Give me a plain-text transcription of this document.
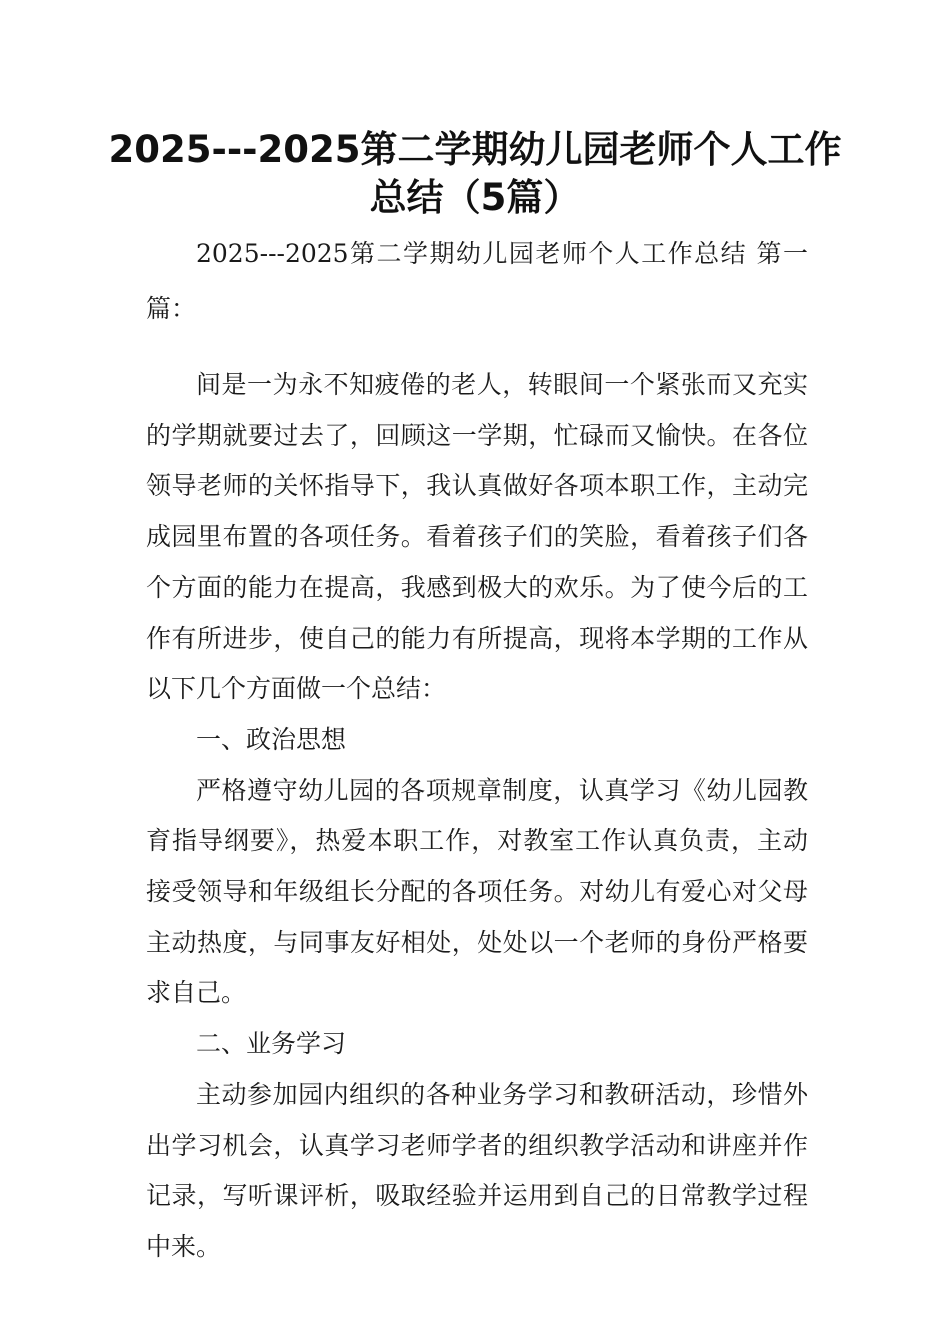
2025---2025第二学期幼儿园老师个人工作
总结（5篇）

2025---2025第二学期幼儿园老师个人工作总结 第一篇：

间是一为永不知疲倦的老人，转眼间一个紧张而又充实的学期就要过去了，回顾这一学期，忙碌而又愉快。在各位领导老师的关怀指导下，我认真做好各项本职工作，主动完成园里布置的各项任务。看着孩子们的笑脸，看着孩子们各个方面的能力在提高，我感到极大的欢乐。为了使今后的工作有所进步，使自己的能力有所提高，现将本学期的工作从以下几个方面做一个总结：

一、政治思想

严格遵守幼儿园的各项规章制度，认真学习《幼儿园教育指导纲要》，热爱本职工作，对教室工作认真负责，主动接受领导和年级组长分配的各项任务。对幼儿有爱心对父母主动热度，与同事友好相处，处处以一个老师的身份严格要求自己。

二、业务学习

主动参加园内组织的各种业务学习和教研活动，珍惜外出学习机会，认真学习老师学者的组织教学活动和讲座并作记录，写听课评析，吸取经验并运用到自己的日常教学过程中来。
